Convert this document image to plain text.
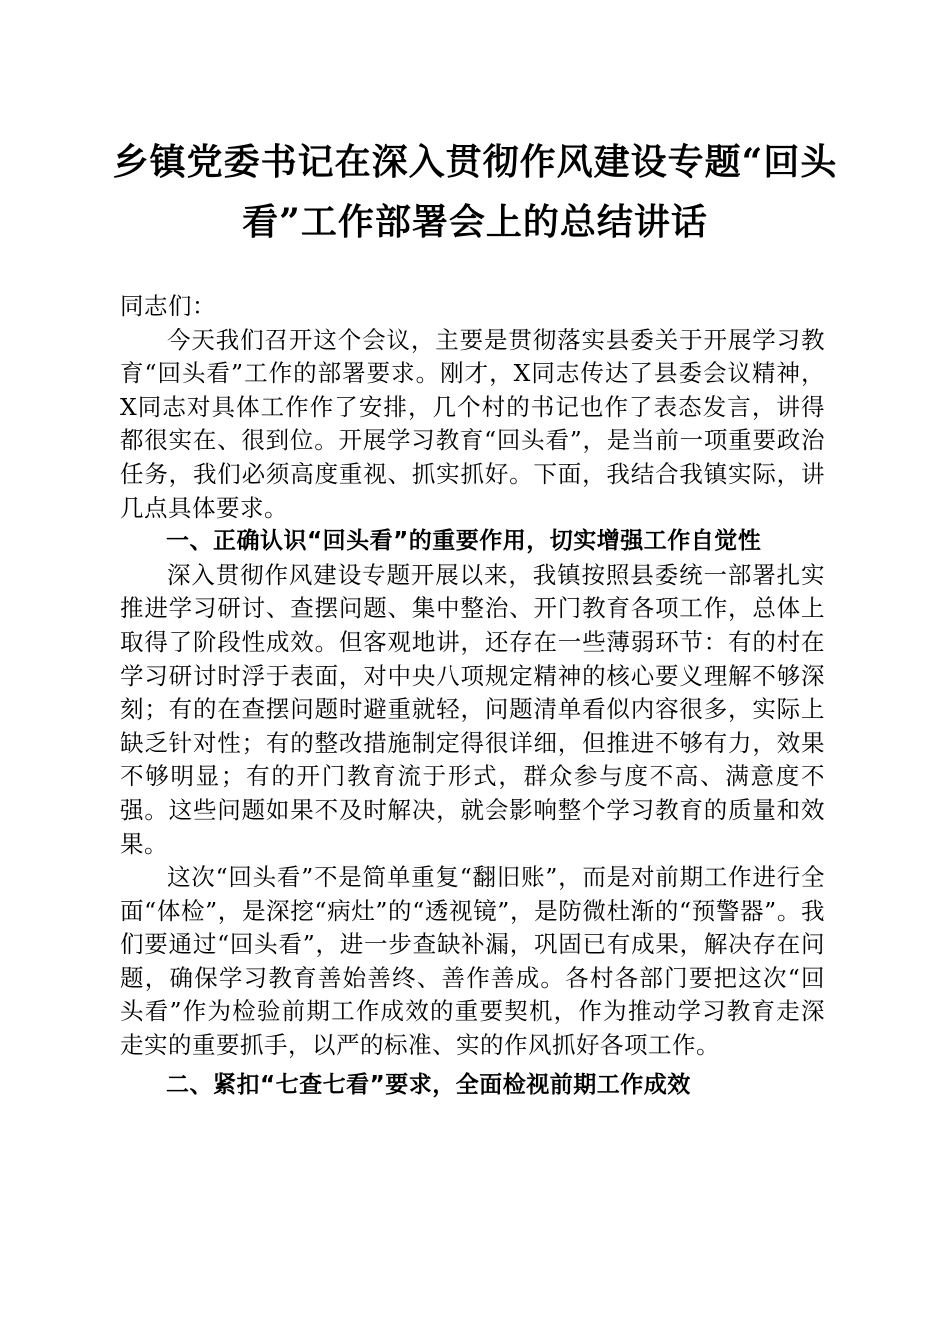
乡镇党委书记在深入贯彻作风建设专题“回头看”工作部署会上的总结讲话

同志们：

今天我们召开这个会议，主要是贯彻落实县委关于开展学习教育“回头看”工作的部署要求。刚才，X同志传达了县委会议精神，X同志对具体工作作了安排，几个村的书记也作了表态发言，讲得都很实在、很到位。开展学习教育“回头看”，是当前一项重要政治任务，我们必须高度重视、抓实抓好。下面，我结合我镇实际，讲几点具体要求。

一、正确认识“回头看”的重要作用，切实增强工作自觉性

深入贯彻作风建设专题开展以来，我镇按照县委统一部署扎实推进学习研讨、查摆问题、集中整治、开门教育各项工作，总体上取得了阶段性成效。但客观地讲，还存在一些薄弱环节：有的村在学习研讨时浮于表面，对中央八项规定精神的核心要义理解不够深刻；有的在查摆问题时避重就轻，问题清单看似内容很多，实际上缺乏针对性；有的整改措施制定得很详细，但推进不够有力，效果不够明显；有的开门教育流于形式，群众参与度不高、满意度不强。这些问题如果不及时解决，就会影响整个学习教育的质量和效果。

这次“回头看”不是简单重复“翻旧账”，而是对前期工作进行全面“体检”，是深挖“病灶”的“透视镜”，是防微杜渐的“预警器”。我们要通过“回头看”，进一步查缺补漏，巩固已有成果，解决存在问题，确保学习教育善始善终、善作善成。各村各部门要把这次“回头看”作为检验前期工作成效的重要契机，作为推动学习教育走深走实的重要抓手，以严的标准、实的作风抓好各项工作。

二、紧扣“七查七看”要求，全面检视前期工作成效
